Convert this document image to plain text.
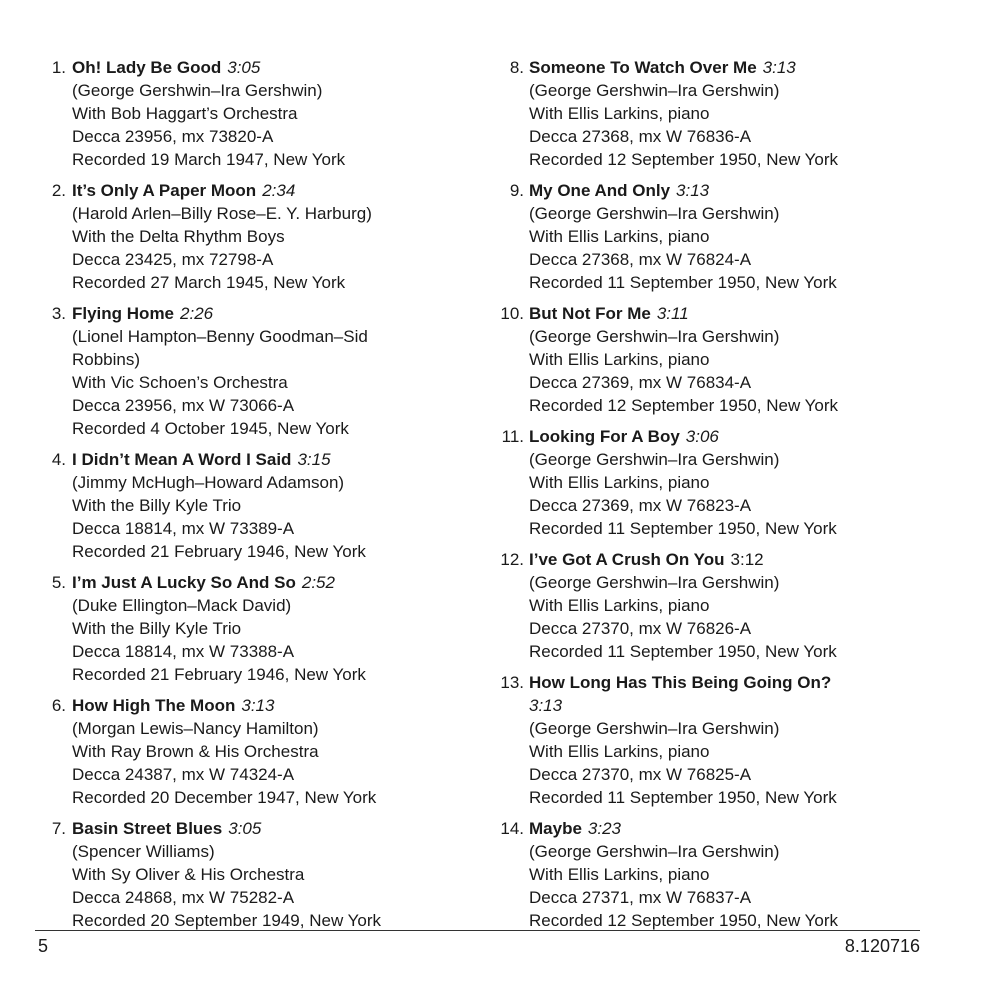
1. Oh! Lady Be Good 3:05
(George Gershwin–Ira Gershwin)
With Bob Haggart’s Orchestra
Decca 23956, mx 73820-A
Recorded 19 March 1947, New York
2. It’s Only A Paper Moon 2:34
(Harold Arlen–Billy Rose–E. Y. Harburg)
With the Delta Rhythm Boys
Decca 23425, mx 72798-A
Recorded 27 March 1945, New York
3. Flying Home 2:26
(Lionel Hampton–Benny Goodman–Sid
Robbins)
With Vic Schoen’s Orchestra
Decca 23956, mx W 73066-A
Recorded 4 October 1945, New York
4. I Didn’t Mean A Word I Said 3:15
(Jimmy McHugh–Howard Adamson)
With the Billy Kyle Trio
Decca 18814, mx W 73389-A
Recorded 21 February 1946, New York
5. I’m Just A Lucky So And So 2:52
(Duke Ellington–Mack David)
With the Billy Kyle Trio
Decca 18814, mx W 73388-A
Recorded 21 February 1946, New York
6. How High The Moon 3:13
(Morgan Lewis–Nancy Hamilton)
With Ray Brown & His Orchestra
Decca 24387, mx W 74324-A
Recorded 20 December 1947, New York
7. Basin Street Blues 3:05
(Spencer Williams)
With Sy Oliver & His Orchestra
Decca 24868, mx W 75282-A
Recorded 20 September 1949, New York
8. Someone To Watch Over Me 3:13
(George Gershwin–Ira Gershwin)
With Ellis Larkins, piano
Decca 27368, mx W 76836-A
Recorded 12 September 1950, New York
9. My One And Only 3:13
(George Gershwin–Ira Gershwin)
With Ellis Larkins, piano
Decca 27368, mx W 76824-A
Recorded 11 September 1950, New York
10. But Not For Me 3:11
(George Gershwin–Ira Gershwin)
With Ellis Larkins, piano
Decca 27369, mx W 76834-A
Recorded 12 September 1950, New York
11. Looking For A Boy 3:06
(George Gershwin–Ira Gershwin)
With Ellis Larkins, piano
Decca 27369, mx W 76823-A
Recorded 11 September 1950, New York
12. I’ve Got A Crush On You 3:12
(George Gershwin–Ira Gershwin)
With Ellis Larkins, piano
Decca 27370, mx W 76826-A
Recorded 11 September 1950, New York
13. How Long Has This Being Going On?
3:13
(George Gershwin–Ira Gershwin)
With Ellis Larkins, piano
Decca 27370, mx W 76825-A
Recorded 11 September 1950, New York
14. Maybe 3:23
(George Gershwin–Ira Gershwin)
With Ellis Larkins, piano
Decca 27371, mx W 76837-A
Recorded 12 September 1950, New York
5	8.120716
